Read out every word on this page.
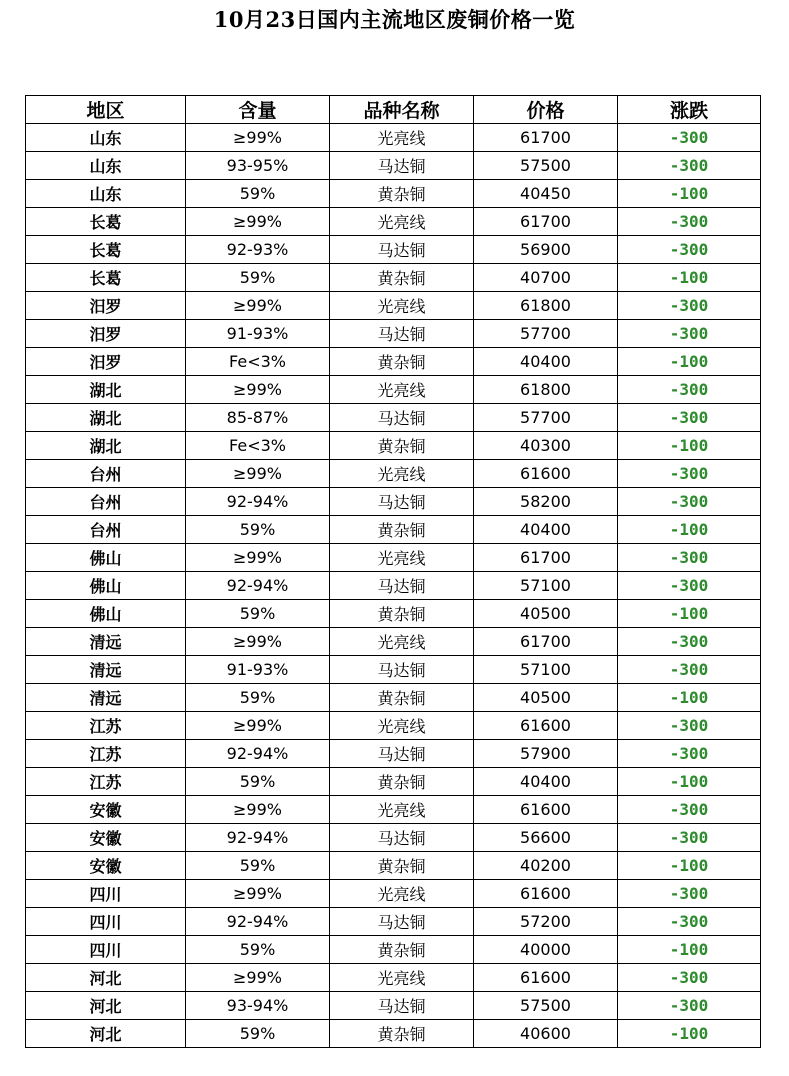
10月23日国内主流地区废铜价格一览
地区	含量	品种名称	价格	涨跌
山东	≥99%	光亮线	61700	-300
山东	93-95%	马达铜	57500	-300
山东	59%	黄杂铜	40450	-100
长葛	≥99%	光亮线	61700	-300
长葛	92-93%	马达铜	56900	-300
长葛	59%	黄杂铜	40700	-100
汨罗	≥99%	光亮线	61800	-300
汨罗	91-93%	马达铜	57700	-300
汨罗	Fe<3%	黄杂铜	40400	-100
湖北	≥99%	光亮线	61800	-300
湖北	85-87%	马达铜	57700	-300
湖北	Fe<3%	黄杂铜	40300	-100
台州	≥99%	光亮线	61600	-300
台州	92-94%	马达铜	58200	-300
台州	59%	黄杂铜	40400	-100
佛山	≥99%	光亮线	61700	-300
佛山	92-94%	马达铜	57100	-300
佛山	59%	黄杂铜	40500	-100
清远	≥99%	光亮线	61700	-300
清远	91-93%	马达铜	57100	-300
清远	59%	黄杂铜	40500	-100
江苏	≥99%	光亮线	61600	-300
江苏	92-94%	马达铜	57900	-300
江苏	59%	黄杂铜	40400	-100
安徽	≥99%	光亮线	61600	-300
安徽	92-94%	马达铜	56600	-300
安徽	59%	黄杂铜	40200	-100
四川	≥99%	光亮线	61600	-300
四川	92-94%	马达铜	57200	-300
四川	59%	黄杂铜	40000	-100
河北	≥99%	光亮线	61600	-300
河北	93-94%	马达铜	57500	-300
河北	59%	黄杂铜	40600	-100
